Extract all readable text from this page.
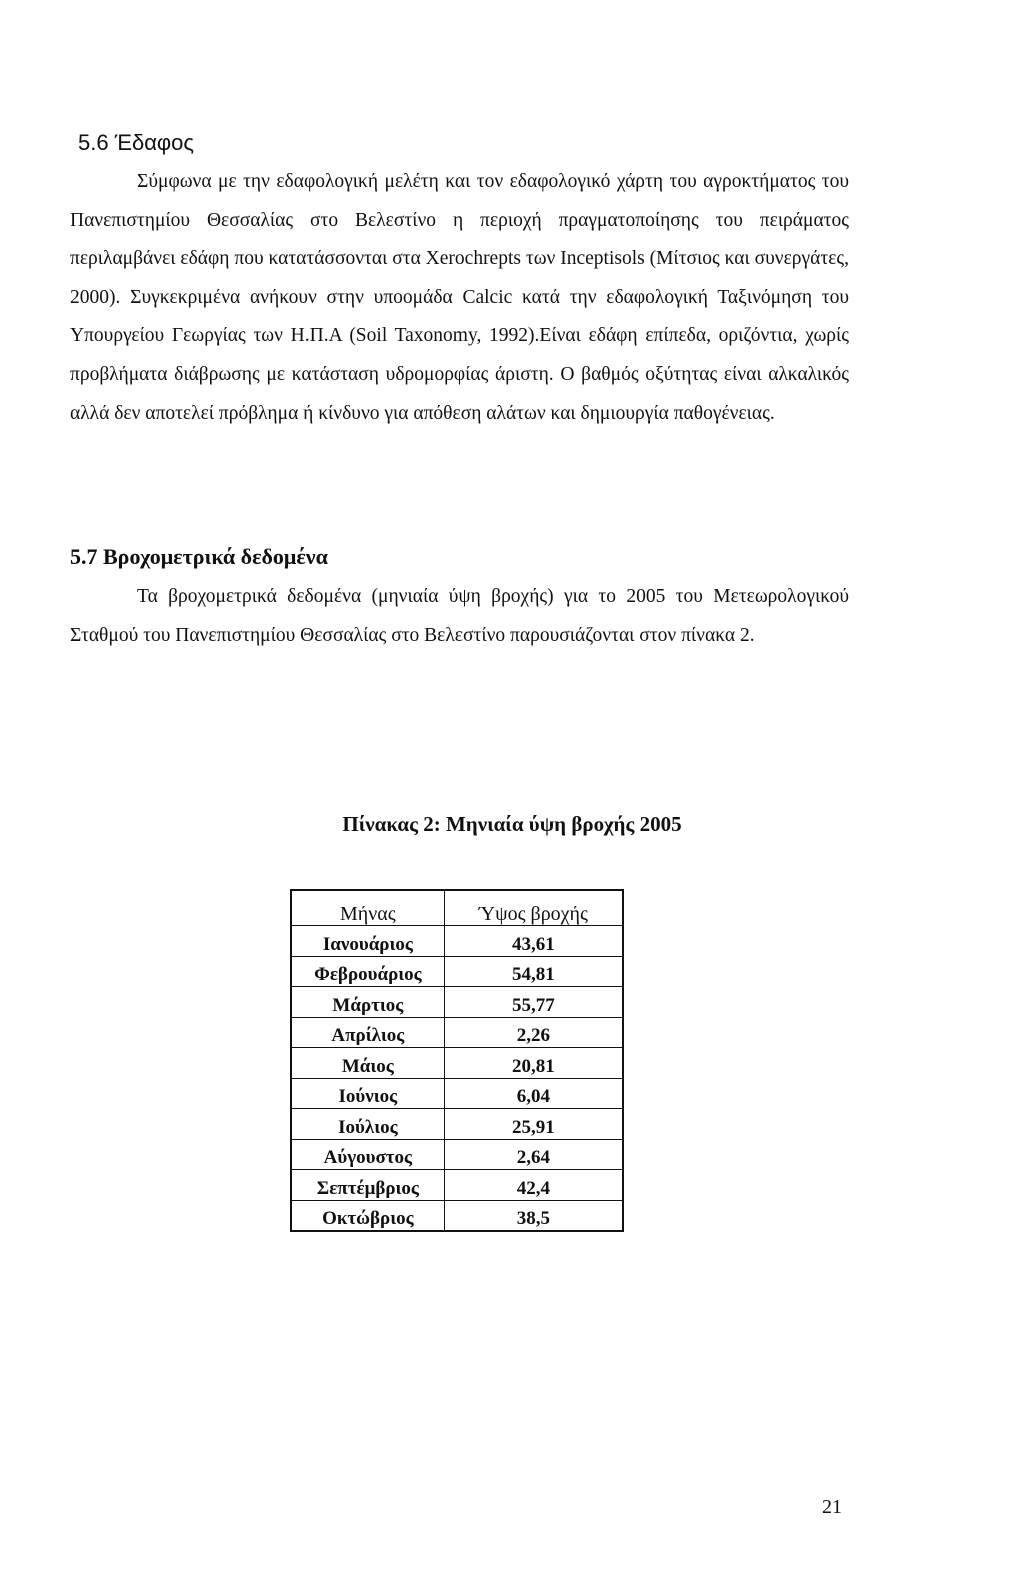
5.6 Έδαφος

Σύμφωνα με την εδαφολογική μελέτη και τον εδαφολογικό χάρτη του αγροκτήματος του Πανεπιστημίου Θεσσαλίας στο Βελεστίνο η περιοχή πραγματοποίησης του πειράματος περιλαμβάνει εδάφη που κατατάσσονται στα Xerochrepts των Inceptisols (Μίτσιος και συνεργάτες, 2000). Συγκεκριμένα ανήκουν στην υποομάδα Calcic κατά την εδαφολογική Ταξινόμηση του Υπουργείου Γεωργίας των Η.Π.Α (Soil Taxonomy, 1992).Είναι εδάφη επίπεδα, οριζόντια, χωρίς προβλήματα διάβρωσης με κατάσταση υδρομορφίας άριστη. Ο βαθμός οξύτητας είναι αλκαλικός αλλά δεν αποτελεί πρόβλημα ή κίνδυνο για απόθεση αλάτων και δημιουργία παθογένειας.

5.7 Βροχομετρικά δεδομένα

Τα βροχομετρικά δεδομένα (μηνιαία ύψη βροχής) για το 2005 του Μετεωρολογικού Σταθμού του Πανεπιστημίου Θεσσαλίας στο Βελεστίνο παρουσιάζονται στον πίνακα 2.

Πίνακας 2: Μηνιαία ύψη βροχής 2005

Μήνας	Ύψος βροχής
Ιανουάριος	43,61
Φεβρουάριος	54,81
Μάρτιος	55,77
Απρίλιος	2,26
Μάιος	20,81
Ιούνιος	6,04
Ιούλιος	25,91
Αύγουστος	2,64
Σεπτέμβριος	42,4
Οκτώβριος	38,5

21
